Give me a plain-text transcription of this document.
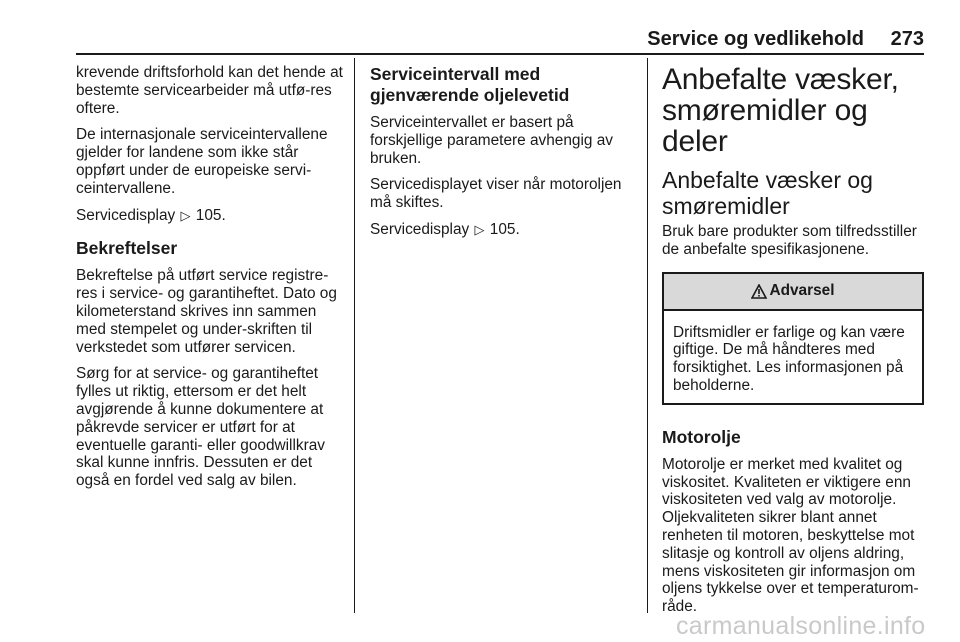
Service og vedlikehold 273

krevende driftsforhold kan det hende at bestemte servicearbeider må utfø-res oftere.

De internasjonale serviceintervallene gjelder for landene som ikke står oppført under de europeiske servi-ceintervallene.

Servicedisplay ▷ 105.

Bekreftelser

Bekreftelse på utført service registre-res i service- og garantiheftet. Dato og kilometerstand skrives inn sammen med stempelet og under-skriften til verkstedet som utfører servicen.

Sørg for at service- og garantiheftet fylles ut riktig, ettersom er det helt avgjørende å kunne dokumentere at påkrevde servicer er utført for at eventuelle garanti- eller goodwillkrav skal kunne innfris. Dessuten er det også en fordel ved salg av bilen.

Serviceintervall med gjenværende oljelevetid

Serviceintervallet er basert på forskjellige parametere avhengig av bruken.

Servicedisplayet viser når motoroljen må skiftes.

Servicedisplay ▷ 105.

Anbefalte væsker, smøremidler og deler
Anbefalte væsker og smøremidler

Bruk bare produkter som tilfredsstiller de anbefalte spesifikasjonene.

Advarsel

Driftsmidler er farlige og kan være giftige. De må håndteres med forsiktighet. Les informasjonen på beholderne.

Motorolje

Motorolje er merket med kvalitet og viskositet. Kvaliteten er viktigere enn viskositeten ved valg av motorolje. Oljekvaliteten sikrer blant annet renheten til motoren, beskyttelse mot slitasje og kontroll av oljens aldring, mens viskositeten gir informasjon om oljens tykkelse over et temperaturom-råde.

carmanualsonline.info
